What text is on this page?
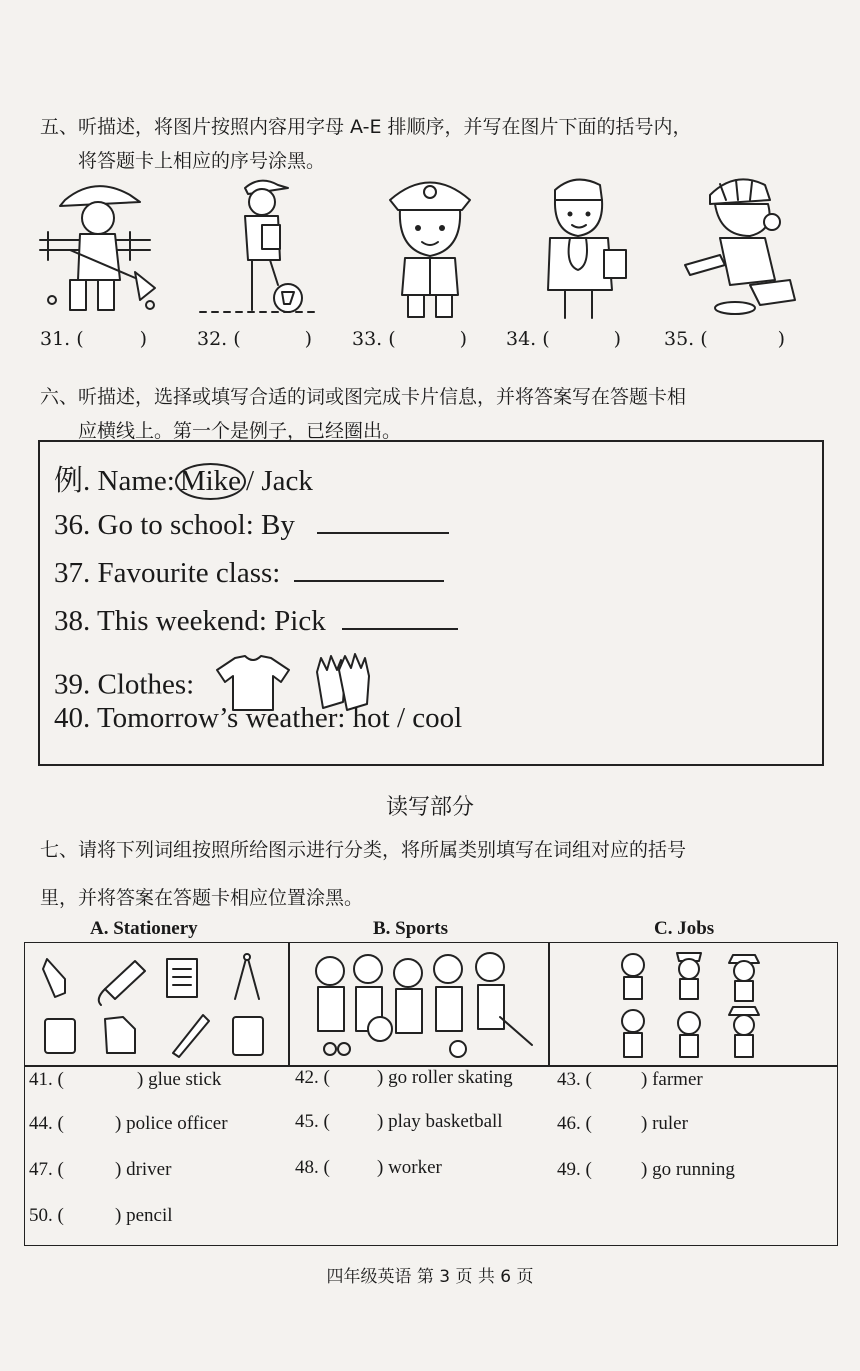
五、听描述，将图片按照内容用字母 A-E 排顺序，并写在图片下面的括号内，
将答题卡上相应的序号涂黑。
31. (	)	32. (	) 33. (	) 34. (	) 35. (	)
六、听描述，选择或填写合适的词或图完成卡片信息，并将答案写在答题卡相
应横线上。第一个是例子，已经圈出。
例. Name: Mike / Jack
36. Go to school: By
37. Favourite class:
38. This weekend: Pick
39. Clothes:
40. Tomorrow’s weather: hot / cool
读写部分
七、请将下列词组按照所给图示进行分类，将所属类别填写在词组对应的括号
里，并将答案在答题卡相应位置涂黑。
A. Stationery	B. Sports	C. Jobs
41. (	) glue stick	42. ( ) go roller skating 43. (	) farmer
44. (	) police officer	45. ( ) play basketball	46. (	) ruler
47. (	) driver	48. ( ) worker	49. (	) go running
50. (	) pencil
四年级英语 第 3 页 共 6 页
